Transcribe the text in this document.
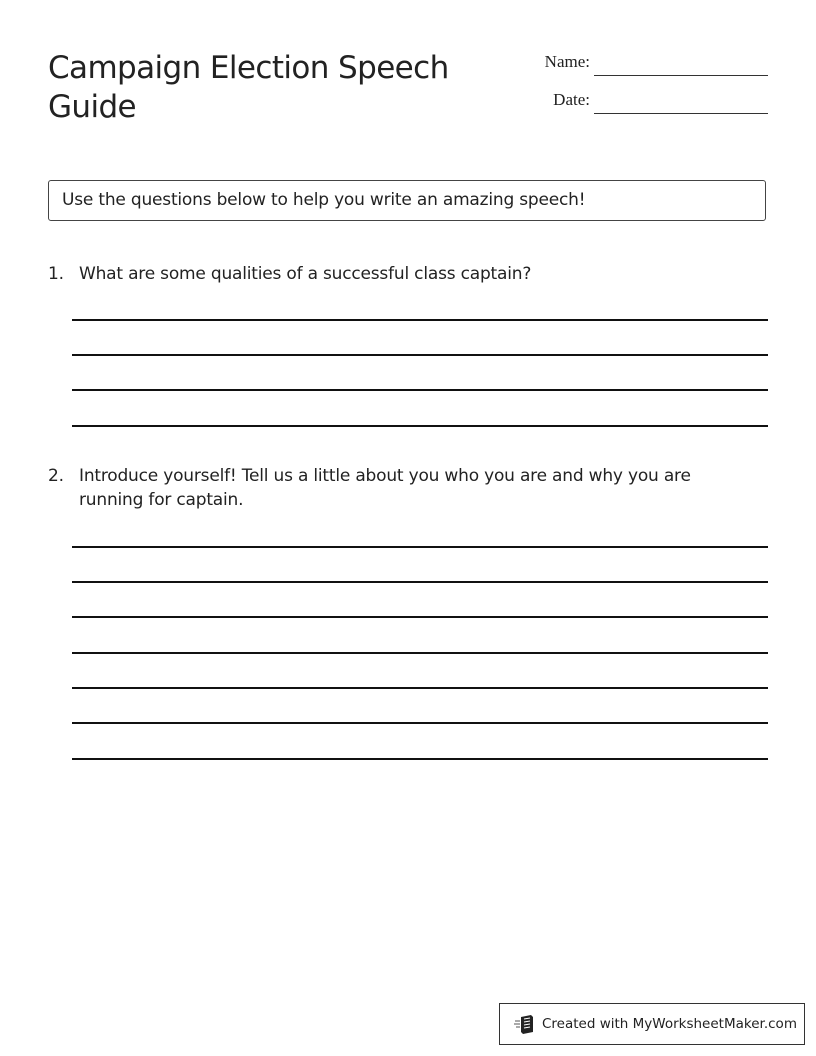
Campaign Election Speech Guide
Name:
Date:
Use the questions below to help you write an amazing speech!
1. What are some qualities of a successful class captain?
2. Introduce yourself! Tell us a little about you who you are and why you are running for captain.
Created with MyWorksheetMaker.com
